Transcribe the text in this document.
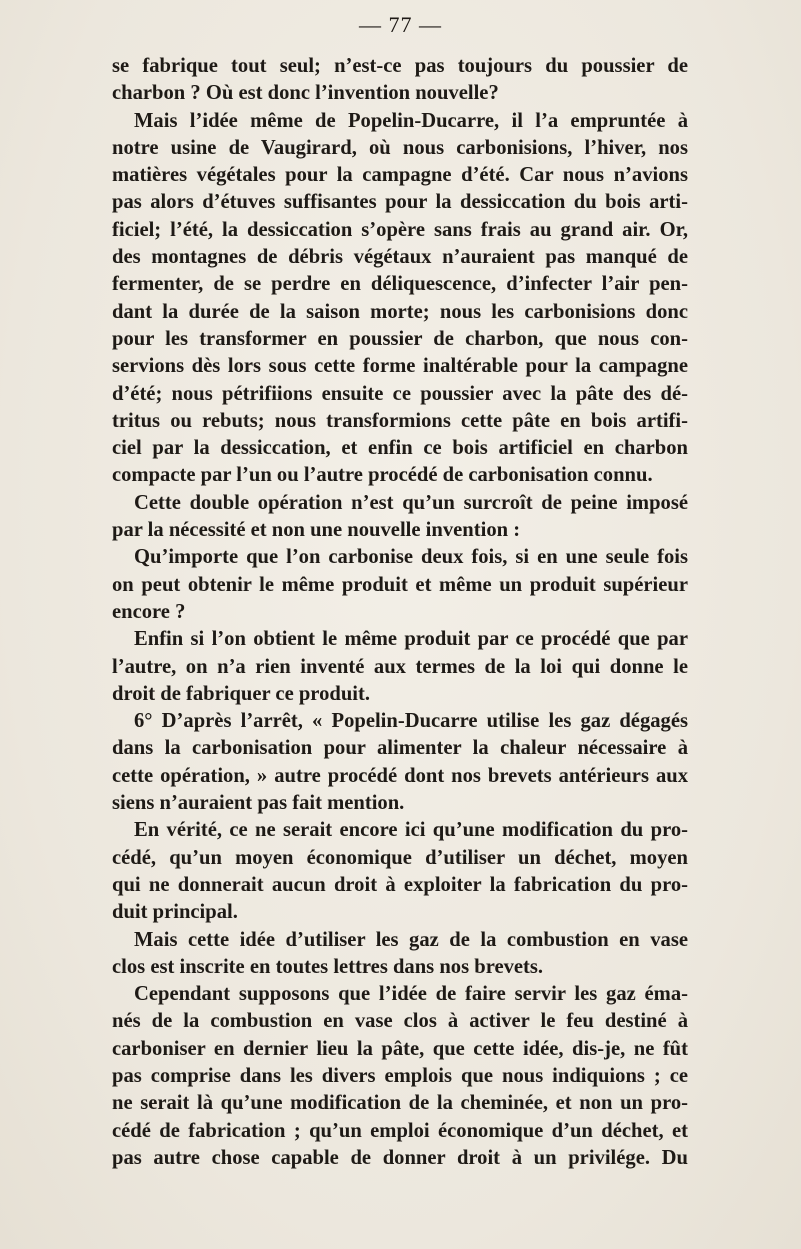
— 77 —
se fabrique tout seul; n’est-ce pas toujours du poussier de
charbon ? Où est donc l’invention nouvelle?
Mais l’idée même de Popelin-Ducarre, il l’a empruntée à
notre usine de Vaugirard, où nous carbonisions, l’hiver, nos
matières végétales pour la campagne d’été. Car nous n’avions
pas alors d’étuves suffisantes pour la dessiccation du bois arti-
ficiel; l’été, la dessiccation s’opère sans frais au grand air. Or,
des montagnes de débris végétaux n’auraient pas manqué de
fermenter, de se perdre en déliquescence, d’infecter l’air pen-
dant la durée de la saison morte; nous les carbonisions donc
pour les transformer en poussier de charbon, que nous con-
servions dès lors sous cette forme inaltérable pour la campagne
d’été; nous pétrifiions ensuite ce poussier avec la pâte des dé-
tritus ou rebuts; nous transformions cette pâte en bois artifi-
ciel par la dessiccation, et enfin ce bois artificiel en charbon
compacte par l’un ou l’autre procédé de carbonisation connu.
Cette double opération n’est qu’un surcroît de peine imposé
par la nécessité et non une nouvelle invention :
Qu’importe que l’on carbonise deux fois, si en une seule fois
on peut obtenir le même produit et même un produit supérieur
encore ?
Enfin si l’on obtient le même produit par ce procédé que par
l’autre, on n’a rien inventé aux termes de la loi qui donne le
droit de fabriquer ce produit.
6° D’après l’arrêt, « Popelin-Ducarre utilise les gaz dégagés
dans la carbonisation pour alimenter la chaleur nécessaire à
cette opération, » autre procédé dont nos brevets antérieurs aux
siens n’auraient pas fait mention.
En vérité, ce ne serait encore ici qu’une modification du pro-
cédé, qu’un moyen économique d’utiliser un déchet, moyen
qui ne donnerait aucun droit à exploiter la fabrication du pro-
duit principal.
Mais cette idée d’utiliser les gaz de la combustion en vase
clos est inscrite en toutes lettres dans nos brevets.
Cependant supposons que l’idée de faire servir les gaz éma-
nés de la combustion en vase clos à activer le feu destiné à
carboniser en dernier lieu la pâte, que cette idée, dis-je, ne fût
pas comprise dans les divers emplois que nous indiquions ; ce
ne serait là qu’une modification de la cheminée, et non un pro-
cédé de fabrication ; qu’un emploi économique d’un déchet, et
pas autre chose capable de donner droit à un privilége. Du
